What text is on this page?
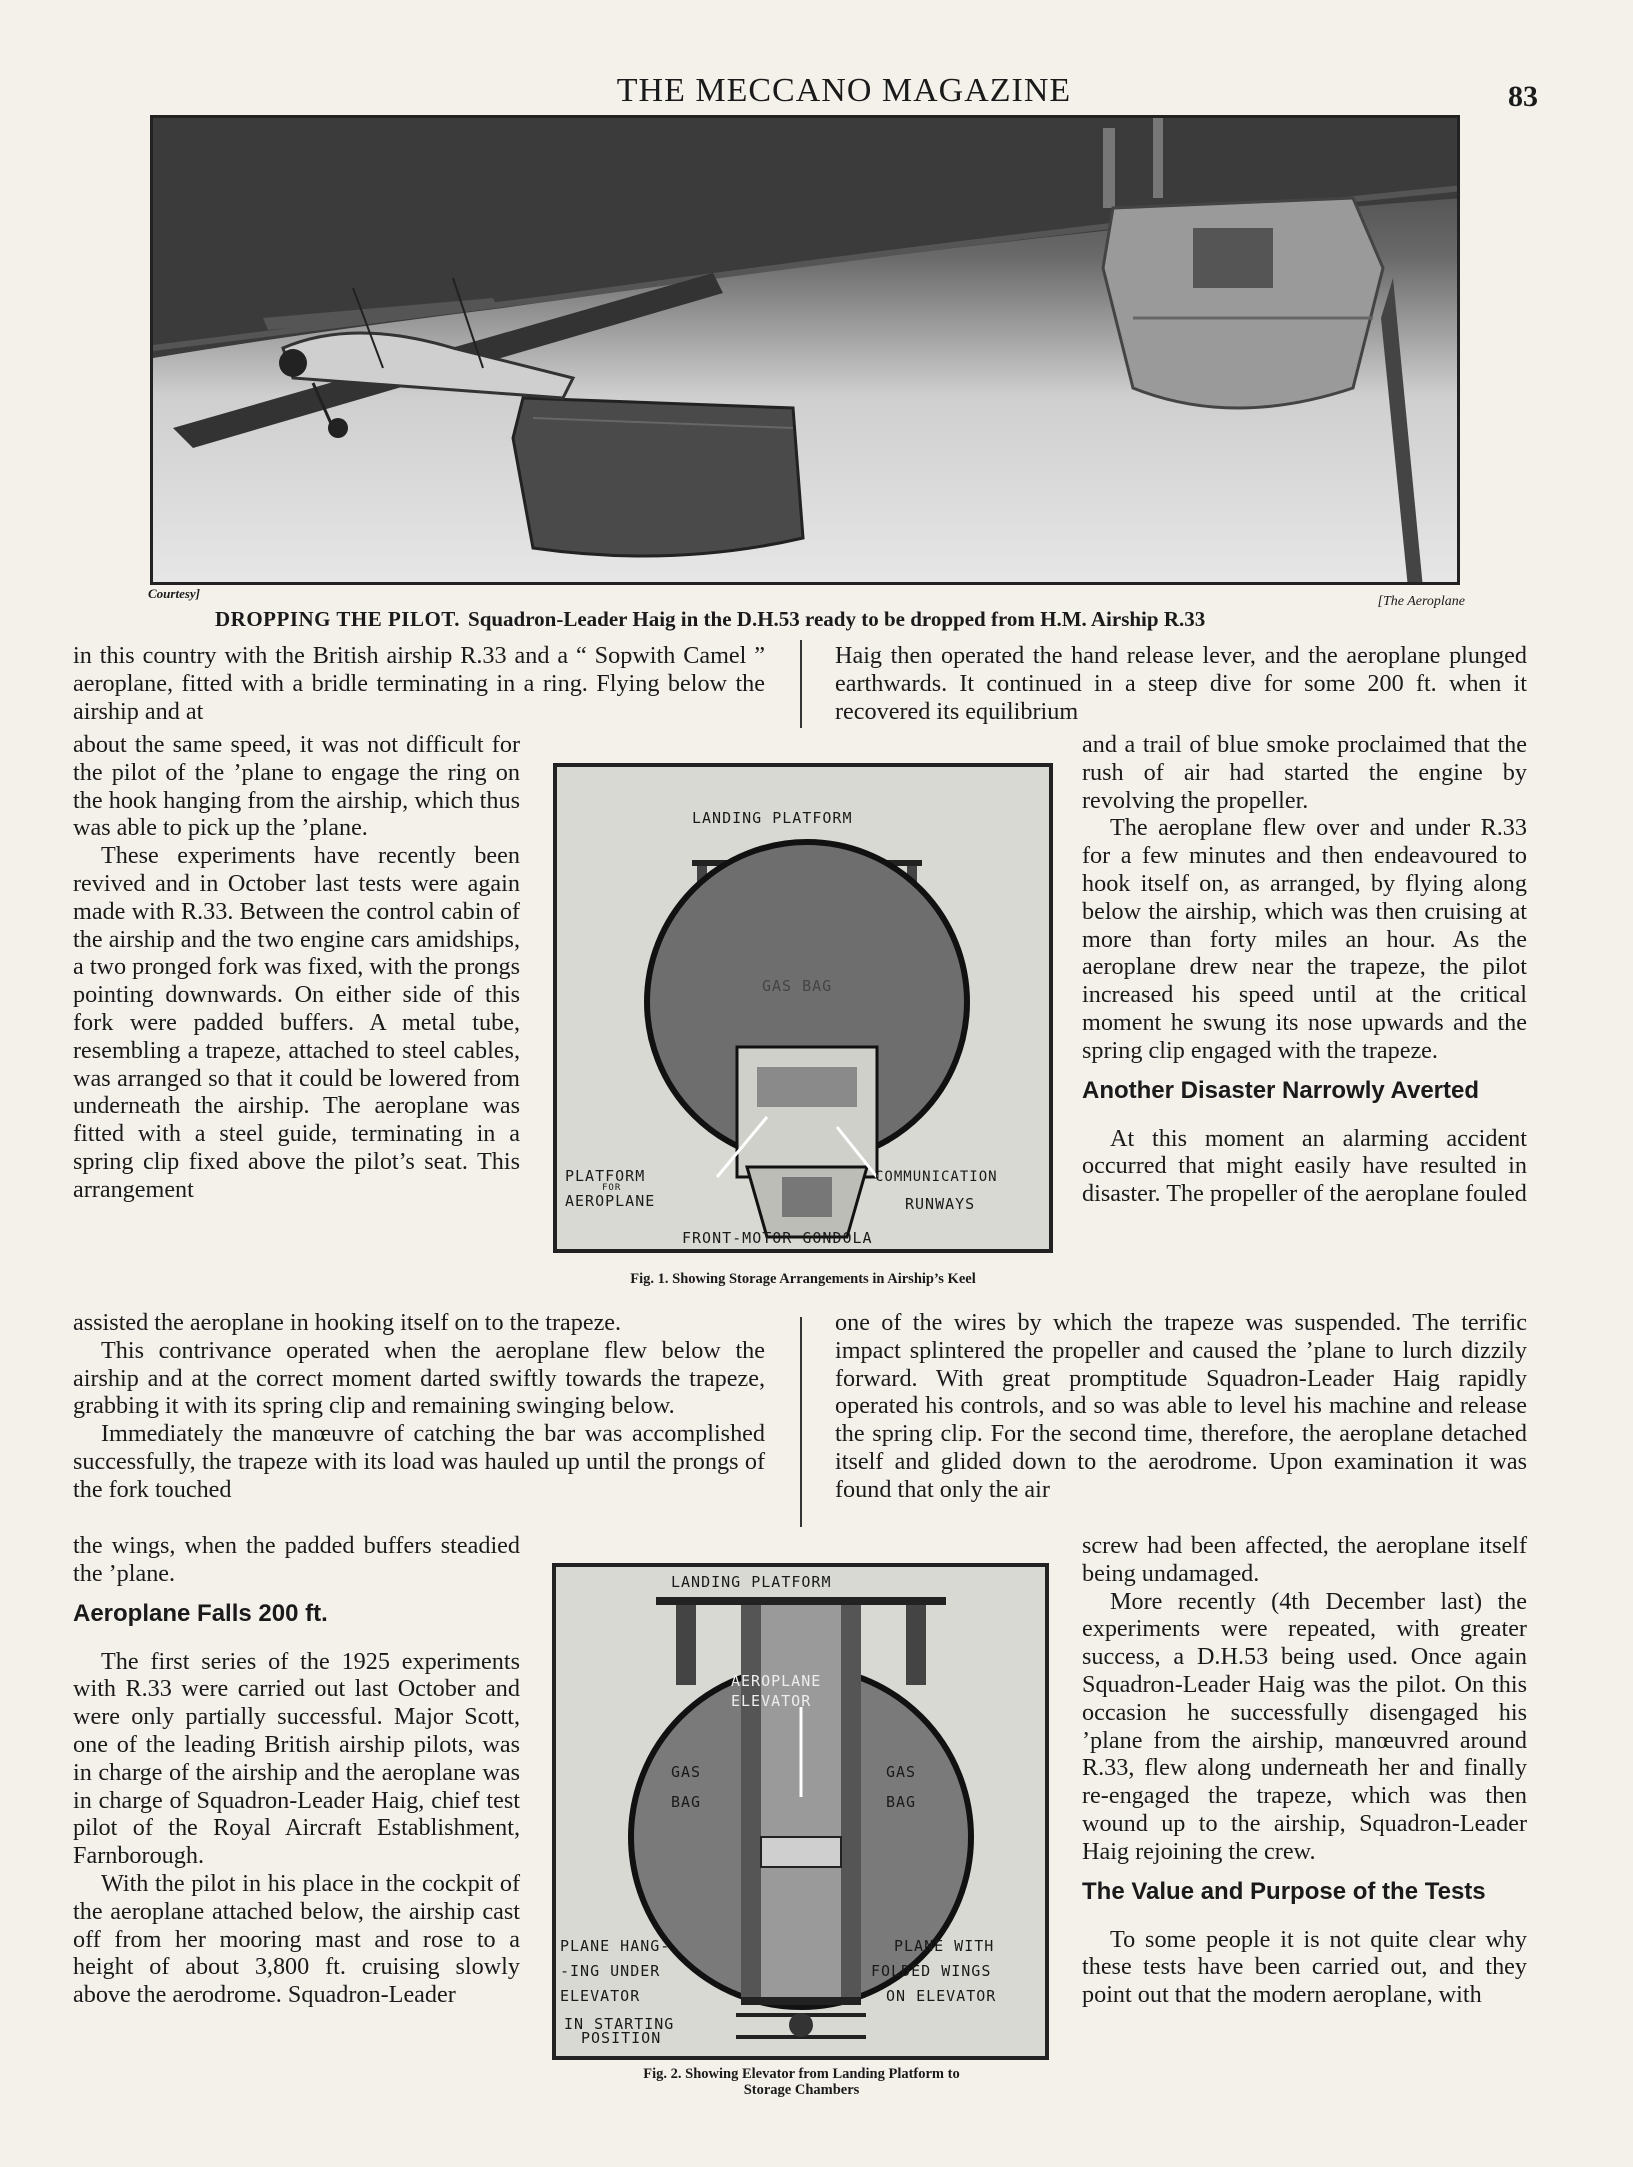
THE MECCANO MAGAZINE	83
Courtesy]
[The Aeroplane
DROPPING THE PILOT. Squadron-Leader Haig in the D.H.53 ready to be dropped from H.M. Airship R.33

in this country with the British airship R.33 and a “ Sopwith Camel ” aeroplane, fitted with a bridle terminating in a ring. Flying below the airship and at

Haig then operated the hand release lever, and the aeroplane plunged earthwards. It continued in a steep dive for some 200 ft. when it recovered its equilibrium

about the same speed, it was not difficult for the pilot of the ’plane to engage the ring on the hook hanging from the airship, which thus was able to pick up the ’plane.

These experiments have recently been revived and in October last tests were again made with R.33. Between the control cabin of the airship and the two engine cars amidships, a two pronged fork was fixed, with the prongs pointing downwards. On either side of this fork were padded buffers. A metal tube, resembling a trapeze, attached to steel cables, was arranged so that it could be lowered from underneath the airship. The aeroplane was fitted with a steel guide, terminating in a spring clip fixed above the pilot’s seat. This arrangement

and a trail of blue smoke proclaimed that the rush of air had started the engine by revolving the propeller.

The aeroplane flew over and under R.33 for a few minutes and then endeavoured to hook itself on, as arranged, by flying along below the airship, which was then cruising at more than forty miles an hour. As the aeroplane drew near the trapeze, the pilot increased his speed until at the critical moment he swung its nose upwards and the spring clip engaged with the trapeze.

Another Disaster Narrowly Averted

At this moment an alarming accident occurred that might easily have resulted in disaster. The propeller of the aeroplane fouled

LANDING PLATFORM
GAS BAG
PLATFORM
FOR
AEROPLANE
COMMUNICATION
RUNWAYS
FRONT-MOTOR GONDOLA
Fig. 1. Showing Storage Arrangements in Airship’s Keel

assisted the aeroplane in hooking itself on to the trapeze.

This contrivance operated when the aeroplane flew below the airship and at the correct moment darted swiftly towards the trapeze, grabbing it with its spring clip and remaining swinging below.

Immediately the manœuvre of catching the bar was accomplished successfully, the trapeze with its load was hauled up until the prongs of the fork touched

one of the wires by which the trapeze was suspended. The terrific impact splintered the propeller and caused the ’plane to lurch dizzily forward. With great promptitude Squadron-Leader Haig rapidly operated his controls, and so was able to level his machine and release the spring clip. For the second time, therefore, the aeroplane detached itself and glided down to the aerodrome. Upon examination it was found that only the air

the wings, when the padded buffers steadied the ’plane.

Aeroplane Falls 200 ft.

The first series of the 1925 experiments with R.33 were carried out last October and were only partially successful. Major Scott, one of the leading British airship pilots, was in charge of the airship and the aeroplane was in charge of Squadron-Leader Haig, chief test pilot of the Royal Aircraft Establishment, Farnborough.

With the pilot in his place in the cockpit of the aeroplane attached below, the airship cast off from her mooring mast and rose to a height of about 3,800 ft. cruising slowly above the aerodrome. Squadron-Leader

screw had been affected, the aeroplane itself being undamaged.

More recently (4th December last) the experiments were repeated, with greater success, a D.H.53 being used. Once again Squadron-Leader Haig was the pilot. On this occasion he successfully disengaged his ’plane from the airship, manœuvred around R.33, flew along underneath her and finally re-engaged the trapeze, which was then wound up to the airship, Squadron-Leader Haig rejoining the crew.

The Value and Purpose of the Tests

To some people it is not quite clear why these tests have been carried out, and they point out that the modern aeroplane, with

LANDING PLATFORM
AEROPLANE
ELEVATOR
GAS
BAG
GAS
BAG
PLANE HANG-
-ING UNDER
ELEVATOR
IN STARTING
POSITION
PLANE WITH
FOLDED WINGS
ON ELEVATOR
Fig. 2. Showing Elevator from Landing Platform to
Storage Chambers
